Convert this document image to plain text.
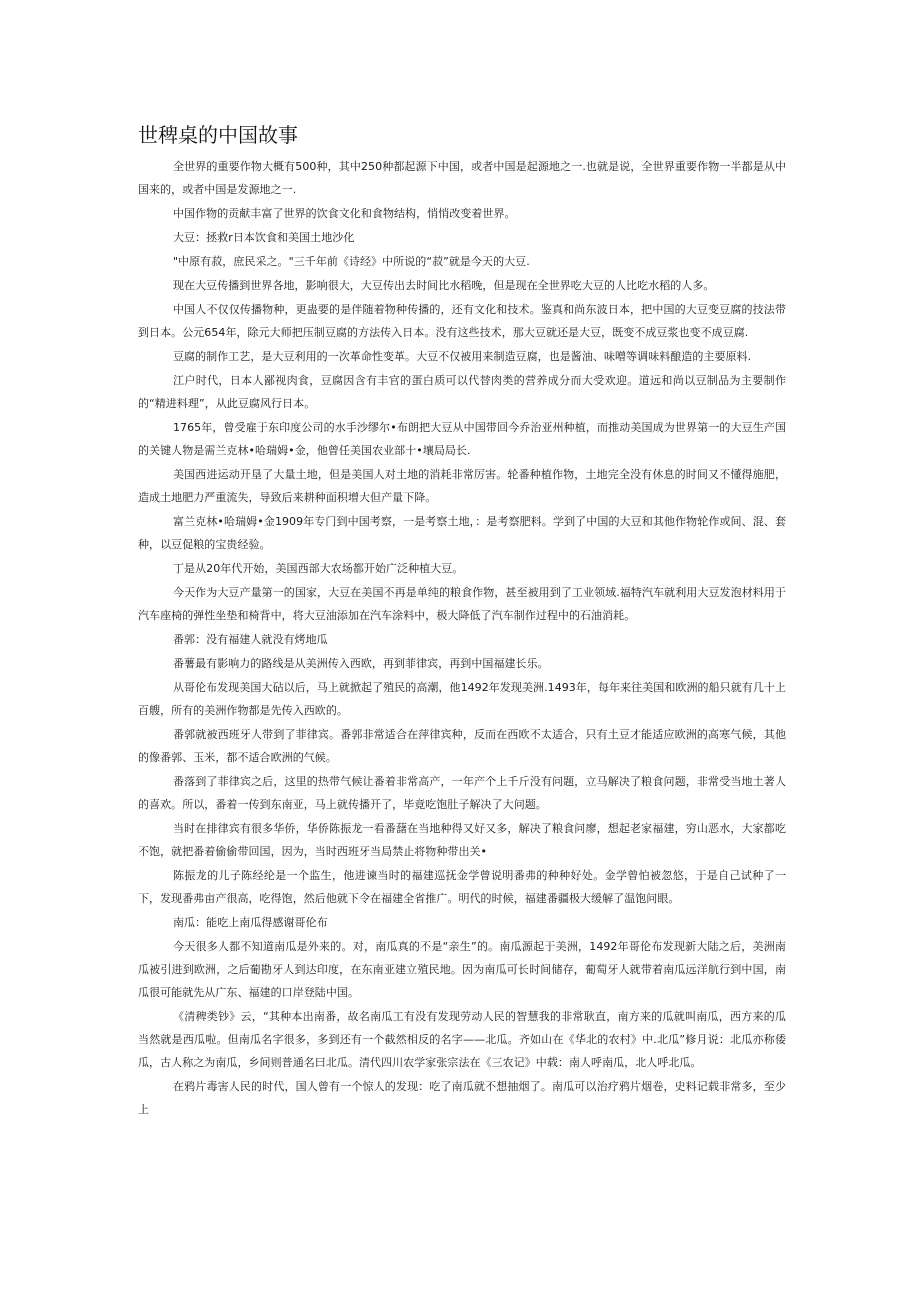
世稗桌的中国故事

全世界的重要作物大概有500种，其中250种都起源下中国，或者中国是起源地之一.也就是说，全世界重要作物一半都是从中国来的，或者中国是发源地之一.

中国作物的贡献丰富了世界的饮食文化和食物结构，悄悄改变着世界。

大豆：拯救r日本饮食和美国土地沙化

"中原有菽，庶民采之。"三千年前《诗经》中所说的“菽”就是今天的大豆.

现在大豆传播到世界各地，影响很大，大豆传出去时间比水稻晚，但是现在全世界吃大豆的人比吃水稻的人多。

中国人不仅仅传播物种，更蛊要的是伴随着物种传播的，还有文化和技术。鉴真和尚东波日本，把中国的大豆变豆腐的技法带到日本。公元654年，除元大师把压制豆腐的方法传入日本。没有这些技术，那大豆就还是大豆，既变不成豆浆也变不成豆腐.

豆腐的制作工艺，是大豆利用的一次革命性变革。大豆不仅被用来制造豆腐，也是酱油、味噌等调味料酿造的主要原料.

江户时代，日本人鄙视肉食，豆腐因含有丰官的蛋白质可以代替肉类的营养成分而大受欢迎。道远和尚以豆制品为主要制作的“精进料理”，从此豆腐风行日本。

1765年，曾受雇于东印度公司的水手沙缪尔•布朗把大豆从中国带回今乔治亚州种植，而推动美国成为世界第一的大豆生产国的关键人物是需兰克林•哈瑞姆•金，他曾任美国农业部十•壤局局长.

美国西进运动开垦了大量土地，但是美国人对土地的消耗非常厉害。轮番种植作物，土地完全没有休息的时间又不懂得施肥，造成土地肥力严重流失，导致后来耕种面积增大但产量下降。

富兰克林•哈瑞姆•金1909年专门到中国考察，一是考察土地，：是考察肥料。学到了中国的大豆和其他作物轮作或间、混、套种，以豆促粮的宝贵经验。

丁是从20年代开始，美国西部大农场都开始广泛种植大豆。

今天作为大豆产量第一的国家，大豆在美国不再是单纯的粮食作物，甚至被用到了工业领域.福特汽车就利用大豆发泡材料用于汽车座椅的弹性坐垫和椅背中，将大豆油添加在汽车涂料中，极大降低了汽车制作过程中的石油消耗。

番郭：没有福建人就没有烤地瓜

番薯最有影响力的路线是从美洲传入西欧，再到菲律宾，再到中国福建长乐。

从哥伦布发现美国大砧以后，马上就掀起了殖民的高潮，他1492年发现美洲.1493年，每年来往美国和欧洲的船只就有几十上百艘，所有的美洲作物都是先传入西欧的。

番郭就被西班牙人带到了菲律宾。番郭非常适合在萍律宾种，反而在西欧不太适合，只有土豆才能适应欧洲的高寒气候，其他的像番郭、玉米，都不适合欧洲的气候。

番落到了菲律宾之后，这里的热带气候让番着非常高产，一年产个上千斤没有问题，立马解决了粮食问题，非常受当地土著人的喜欢。所以，番着一传到东南亚，马上就传播开了，毕竟吃饱肚子解决了大问题。

当时在排律宾有很多华侨，华侨陈振龙一看番藷在当地种得又好又多，解决了粮食问廖，想起老家福建，穷山恶水，大家都吃不饱，就把番着偷偷带回国，因为，当时西班牙当局禁止将物种带出关•

陈振龙的儿子陈经纶是一个监生，他进谏当时的福建巡抚金学曾说明番弗的种种好处。金学曾怕被忽悠，于是自己试种了一下，发现番弗亩产很高，吃得饱，然后他就下令在福建全省推广。明代的时候，福建番疆极大缓解了温饱问眼。

南瓜：能吃上南瓜得感谢哥伦布

今天很多人都不知道南瓜是外来的。对，南瓜真的不是“亲生”的。南瓜源起于美洲，1492年哥伦布发现新大陆之后，美洲南瓜被引进到欧洲，之后葡勘牙人到达印度，在东南亚建立殖民地。因为南瓜可长时间储存，葡萄牙人就带着南瓜远洋航行到中国，南瓜很可能就先从广东、福建的口岸登陆中国。

《清稗类钞》云，“其种本出南番，故名南瓜工有没有发现劳动人民的智慧我的非常耿直，南方来的瓜就叫南瓜，西方来的瓜当然就是西瓜啦。但南瓜名字很多，多到还有一个截然相反的名字——北瓜。齐如山在《华北的农村》中.北瓜”修月说：北瓜亦称倭瓜，古人称之为南瓜，乡间则普通名曰北瓜。清代四川农学家张宗法在《三农记》中载：南人呼南瓜，北人呼北瓜。

在鸦片毒害人民的时代，国人曾有一个惊人的发现：吃了南瓜就不想抽烟了。南瓜可以治疗鸦片烟卷，史料记载非常多，至少上
